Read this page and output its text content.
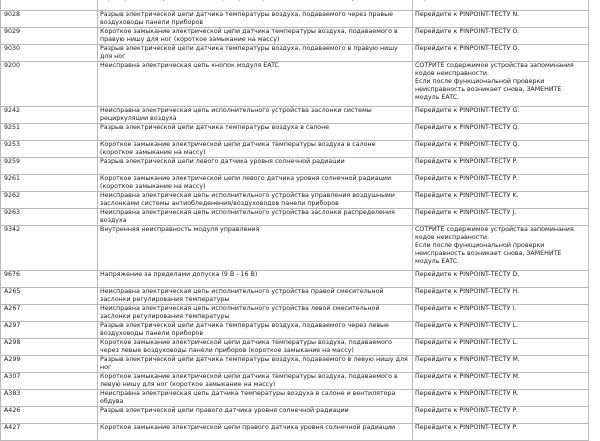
9028	Разрыв электрической цепи датчика температуры воздуха, подаваемого через правые воздуховоды панели приборов	Перейдите к PINPOINT-ТЕСТУ N.

9029	Короткое замыкание электрической цепи датчика температуры воздуха, подаваемого в правую нишу для ног (короткое замыкание на массу)	Перейдите к PINPOINT-ТЕСТУ O.

9030	Разрыв электрической цепи датчика температуры воздуха, подаваемого в правую нишу для ног	Перейдите к PINPOINT-ТЕСТУ O.

9200	Неисправна электрическая цепь кнопок модуля EATC	СОТРИТЕ содержимое устройства запоминания кодов неисправности.
Если после функциональной проверки неисправность возникает снова, ЗАМЕНИТЕ модуль EATC.

9242	Неисправна электрическая цепь исполнительного устройства заслонки системы рециркуляции воздуха	Перейдите к PINPOINT-ТЕСТУ G.

9251	Разрыв электрической цепи датчика температуры воздуха в салоне	Перейдите к PINPOINT-ТЕСТУ Q.

9253	Короткое замыкание электрической цепи датчика температуры воздуха в салоне (короткое замыкание на массу)	Перейдите к PINPOINT-ТЕСТУ Q.

9259	Разрыв электрической цепи левого датчика уровня солнечной радиации	Перейдите к PINPOINT-ТЕСТУ P.

9261	Короткое замыкание электрической цепи левого датчика уровня солнечной радиации (короткое замыкание на массу)	Перейдите к PINPOINT-ТЕСТУ P.

9262	Неисправна электрическая цепь исполнительного устройства управления воздушными заслонками системы антиобледенения/воздуховодов панели приборов	Перейдите к PINPOINT-ТЕСТУ K.

9263	Неисправна электрическая цепь исполнительного устройства заслонки распределения воздуха	Перейдите к PINPOINT-ТЕСТУ J.

9342	Внутренняя неисправность модуля управления	СОТРИТЕ содержимое устройства запоминания кодов неисправности.
Если после функциональной проверки неисправность возникает снова, ЗАМЕНИТЕ модуль EATC.

9676	Напряжение за пределами допуска (9 В - 16 В)	Перейдите к PINPOINT-ТЕСТУ D.

A265	Неисправна электрическая цепь исполнительного устройства правой смесительной заслонки регулирования температуры	Перейдите к PINPOINT-ТЕСТУ H.

A267	Неисправна электрическая цепь исполнительного устройства левой смесительной заслонки регулирования температуры	Перейдите к PINPOINT-ТЕСТУ I.

A297	Разрыв электрической цепи датчика температуры воздуха, подаваемого через левые воздуховоды панели приборов	Перейдите к PINPOINT-ТЕСТУ L.

A298	Короткое замыкание электрической цепи датчика температуры воздуха, подаваемого через левые воздуховоды панели приборов (короткое замыкание на массу)	Перейдите к PINPOINT-ТЕСТУ L.

A299	Разрыв электрической цепи датчика температуры воздуха, подаваемого в левую нишу для ног	Перейдите к PINPOINT-ТЕСТУ M.

A307	Короткое замыкание электрической цепи датчика температуры воздуха, подаваемого в левую нишу для ног (короткое замыкание на массу)	Перейдите к PINPOINT-ТЕСТУ M.

A383	Неисправна электрическая цепь датчика температуры воздуха в салоне и вентилятора обдува	Перейдите к PINPOINT-ТЕСТУ R.

A426	Разрыв электрической цепи правого датчика уровня солнечной радиации	Перейдите к PINPOINT-ТЕСТУ P.

A427	Короткое замыкание электрической цепи правого датчика уровня солнечной радиации	Перейдите к PINPOINT-ТЕСТУ P.
